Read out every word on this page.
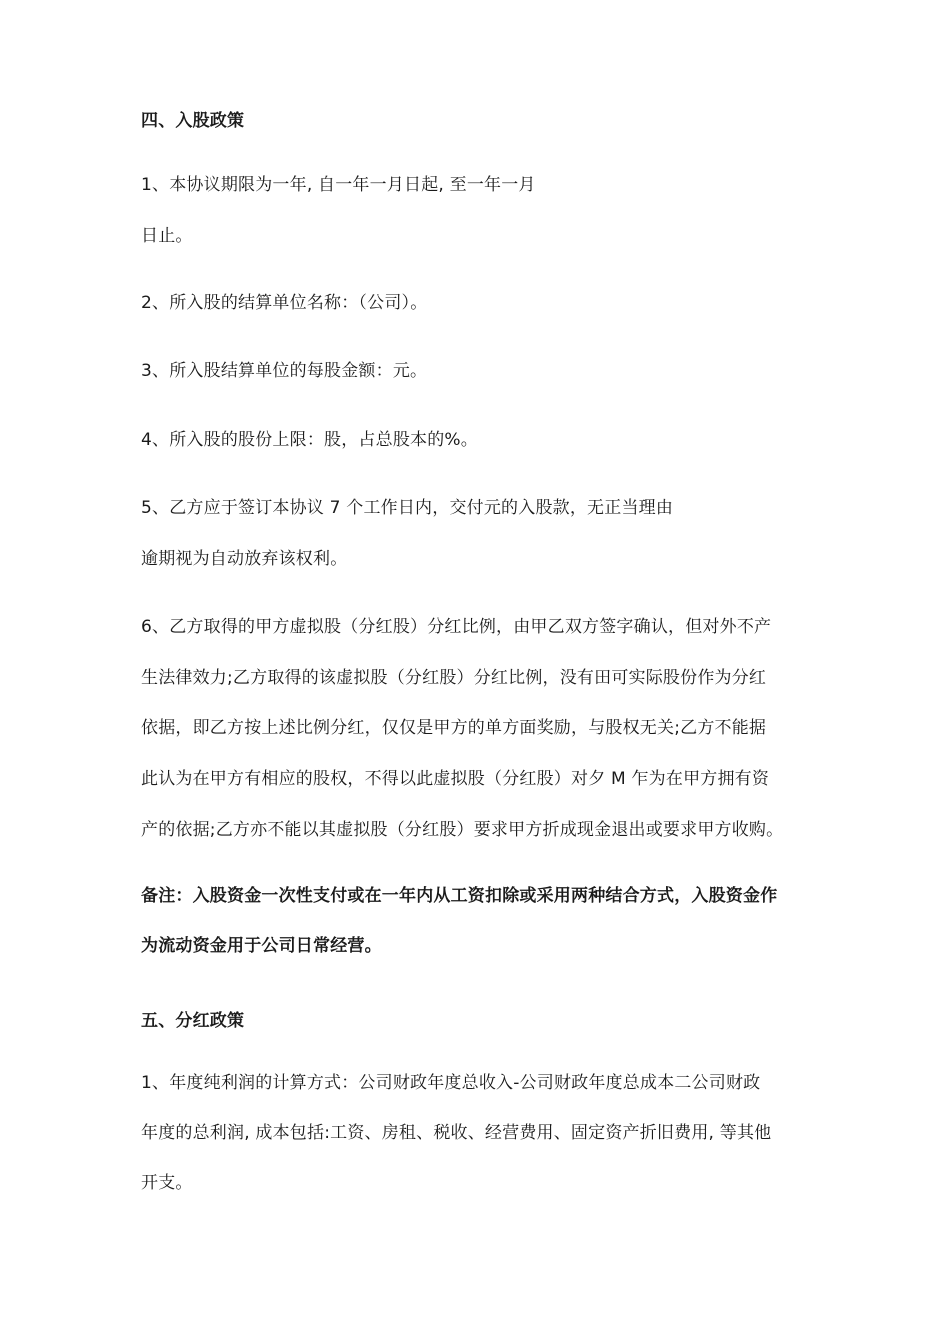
四、入股政策
1、本协议期限为一年, 自一年一月日起, 至一年一月
日止。
2、所入股的结算单位名称：（公司）。
3、所入股结算单位的每股金额：元。
4、所入股的股份上限：股，占总股本的%。
5、乙方应于签订本协议 7 个工作日内，交付元的入股款，无正当理由
逾期视为自动放弃该权利。
6、乙方取得的甲方虚拟股（分红股）分红比例，由甲乙双方签字确认，但对外不产
生法律效力;乙方取得的该虚拟股（分红股）分红比例，没有田可实际股份作为分红
依据，即乙方按上述比例分红，仅仅是甲方的单方面奖励，与股权无关;乙方不能据
此认为在甲方有相应的股权，不得以此虚拟股（分红股）对夕 M 乍为在甲方拥有资
产的依据;乙方亦不能以其虚拟股（分红股）要求甲方折成现金退出或要求甲方收购。
备注：入股资金一次性支付或在一年内从工资扣除或采用两种结合方式，入股资金作
为流动资金用于公司日常经营。
五、分红政策
1、年度纯利润的计算方式：公司财政年度总收入-公司财政年度总成本二公司财政
年度的总利润, 成本包括:工资、房租、税收、经营费用、固定资产折旧费用, 等其他
开支。
